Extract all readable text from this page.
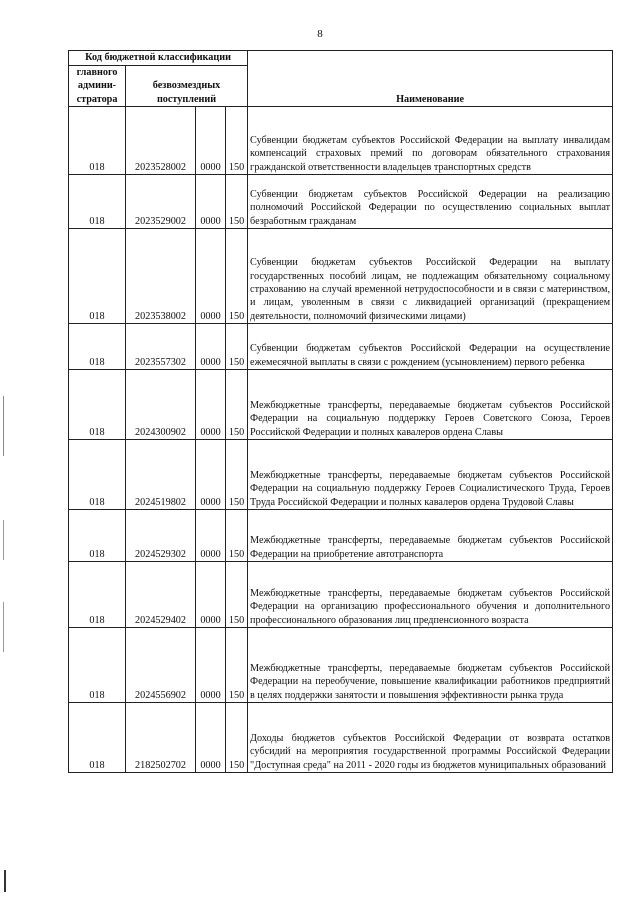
8
Код бюджетной классификации				Наименование
главного админи-стратора	безвозмездных поступлений			
018	2023528002	0000	150	Субвенции бюджетам субъектов Российской Федерации на выплату инвалидам компенсаций страховых премий по договорам обязательного страхования гражданской ответственности владельцев транспортных средств
018	2023529002	0000	150	Субвенции бюджетам субъектов Российской Федерации на реализацию полномочий Российской Федерации по осуществлению социальных выплат безработным гражданам
018	2023538002	0000	150	Субвенции бюджетам субъектов Российской Федерации на выплату государственных пособий лицам, не подлежащим обязательному социальному страхованию на случай временной нетрудоспособности и в связи с материнством, и лицам, уволенным в связи с ликвидацией организаций (прекращением деятельности, полномочий физическими лицами)
018	2023557302	0000	150	Субвенции бюджетам субъектов Российской Федерации на осуществление ежемесячной выплаты в связи с рождением (усыновлением) первого ребенка
018	2024300902	0000	150	Межбюджетные трансферты, передаваемые бюджетам субъектов Российской Федерации на социальную поддержку Героев Советского Союза, Героев Российской Федерации и полных кавалеров ордена Славы
018	2024519802	0000	150	Межбюджетные трансферты, передаваемые бюджетам субъектов Российской Федерации на социальную поддержку Героев Социалистического Труда, Героев Труда Российской Федерации и полных кавалеров ордена Трудовой Славы
018	2024529302	0000	150	Межбюджетные трансферты, передаваемые бюджетам субъектов Российской Федерации на приобретение автотранспорта
018	2024529402	0000	150	Межбюджетные трансферты, передаваемые бюджетам субъектов Российской Федерации на организацию профессионального обучения и дополнительного профессионального образования лиц предпенсионного возраста
018	2024556902	0000	150	Межбюджетные трансферты, передаваемые бюджетам субъектов Российской Федерации на переобучение, повышение квалификации работников предприятий в целях поддержки занятости и повышения эффективности рынка труда
018	2182502702	0000	150	Доходы бюджетов субъектов Российской Федерации от возврата остатков субсидий на мероприятия государственной программы Российской Федерации "Доступная среда" на 2011 - 2020 годы из бюджетов муниципальных образований
